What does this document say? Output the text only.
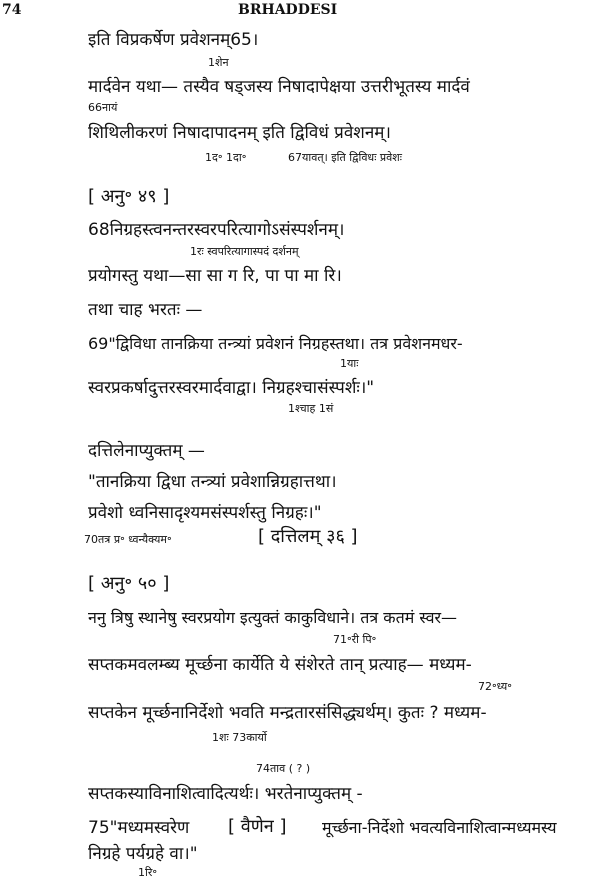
74	BRHADDESI
इति विप्रकर्षेण प्रवेशनम्65।
1शेन
मार्दवेन यथा— तस्यैव षड्जस्य निषादापेक्षया उत्तरीभूतस्य मार्दवं
66नायं
शिथिलीकरणं निषादापादनम् इति द्विविधं प्रवेशनम्।
1द॰ 1दा॰	67यावत्। इति द्विविधः प्रवेशः
[ अनु॰ ४९ ]
68निग्रहस्त्वनन्तरस्वरपरित्यागोऽसंस्पर्शनम्।
1रः स्वपरित्यागास्पदं दर्शनम्
प्रयोगस्तु यथा—सा सा ग रि, पा पा मा रि।
तथा चाह भरतः —
69"द्विविधा तानक्रिया तन्त्र्यां प्रवेशनं निग्रहस्तथा। तत्र प्रवेशनमधर-
1याः
स्वरप्रकर्षादुत्तरस्वरमार्दवाद्वा। निग्रहश्चासंस्पर्शः।"
1श्चाह 1सं
दत्तिलेनाप्युक्तम् —
"तानक्रिया द्विधा तन्त्र्यां प्रवेशान्निग्रहात्तथा।
प्रवेशो ध्वनिसादृश्यमसंस्पर्शस्तु निग्रहः।"
70तत्र प्र॰ ध्वन्यैक्यम॰	[ दत्तिलम् ३६ ]
[ अनु॰ ५० ]
ननु त्रिषु स्थानेषु स्वरप्रयोग इत्युक्तं काकुविधाने। तत्र कतमं स्वर—
71॰री पि॰
सप्तकमवलम्ब्य मूर्च्छना कार्येति ये संशेरते तान् प्रत्याह— मध्यम-
72॰ध्य॰
सप्तकेन मूर्च्छनानिर्देशो भवति मन्द्रतारसंसिद्ध्यर्थम्। कुतः ? मध्यम-
1शः 73कार्यो
74ताव ( ? )
सप्तकस्याविनाशित्वादित्यर्थः। भरतेनाप्युक्तम् -
75"मध्यमस्वरेण [ वैणेन ] मूर्च्छना-निर्देशो भवत्यविनाशित्वान्मध्यमस्य
निग्रहे पर्यग्रहे वा।"
1रि॰
